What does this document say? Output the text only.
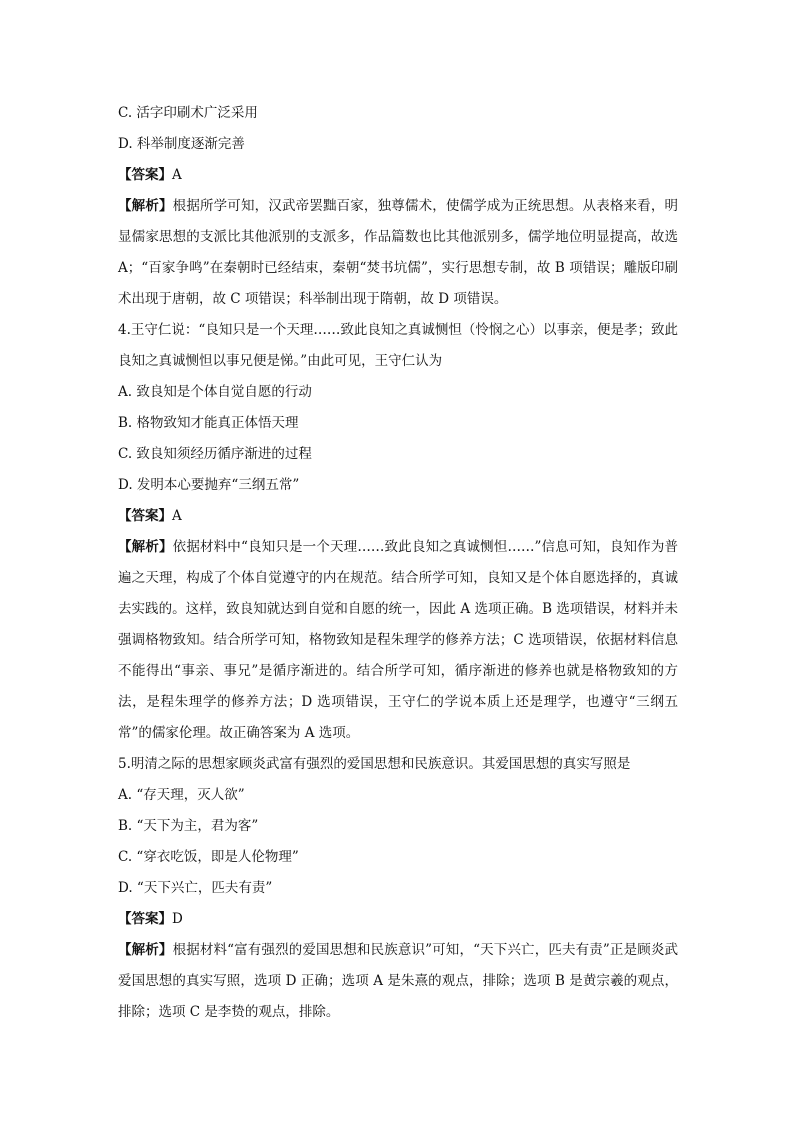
C. 活字印刷术广泛采用
D. 科举制度逐渐完善
【答案】A
【解析】根据所学可知，汉武帝罢黜百家，独尊儒术，使儒学成为正统思想。从表格来看，明显儒家思想的支派比其他派别的支派多，作品篇数也比其他派别多，儒学地位明显提高，故选 A；“百家争鸣”在秦朝时已经结束，秦朝“焚书坑儒”，实行思想专制，故 B 项错误；雕版印刷术出现于唐朝，故 C 项错误；科举制出现于隋朝，故 D 项错误。
4.王守仁说：“良知只是一个天理……致此良知之真诚恻怛（怜悯之心）以事亲，便是孝；致此良知之真诚恻怛以事兄便是悌。”由此可见，王守仁认为
A. 致良知是个体自觉自愿的行动
B. 格物致知才能真正体悟天理
C. 致良知须经历循序渐进的过程
D. 发明本心要抛弃“三纲五常”
【答案】A
【解析】依据材料中“良知只是一个天理……致此良知之真诚恻怛……”信息可知，良知作为普遍之天理，构成了个体自觉遵守的内在规范。结合所学可知，良知又是个体自愿选择的，真诚去实践的。这样，致良知就达到自觉和自愿的统一，因此 A 选项正确。B 选项错误，材料并未强调格物致知。结合所学可知，格物致知是程朱理学的修养方法；C 选项错误，依据材料信息不能得出“事亲、事兄”是循序渐进的。结合所学可知，循序渐进的修养也就是格物致知的方法，是程朱理学的修养方法；D 选项错误，王守仁的学说本质上还是理学，也遵守“三纲五常”的儒家伦理。故正确答案为 A 选项。
5.明清之际的思想家顾炎武富有强烈的爱国思想和民族意识。其爱国思想的真实写照是
A. “存天理，灭人欲”
B. “天下为主，君为客”
C. “穿衣吃饭，即是人伦物理”
D. “天下兴亡，匹夫有责”
【答案】D
【解析】根据材料“富有强烈的爱国思想和民族意识”可知，“天下兴亡，匹夫有责”正是顾炎武爱国思想的真实写照，选项 D 正确；选项 A 是朱熹的观点，排除；选项 B 是黄宗羲的观点，排除；选项 C 是李贽的观点，排除。
